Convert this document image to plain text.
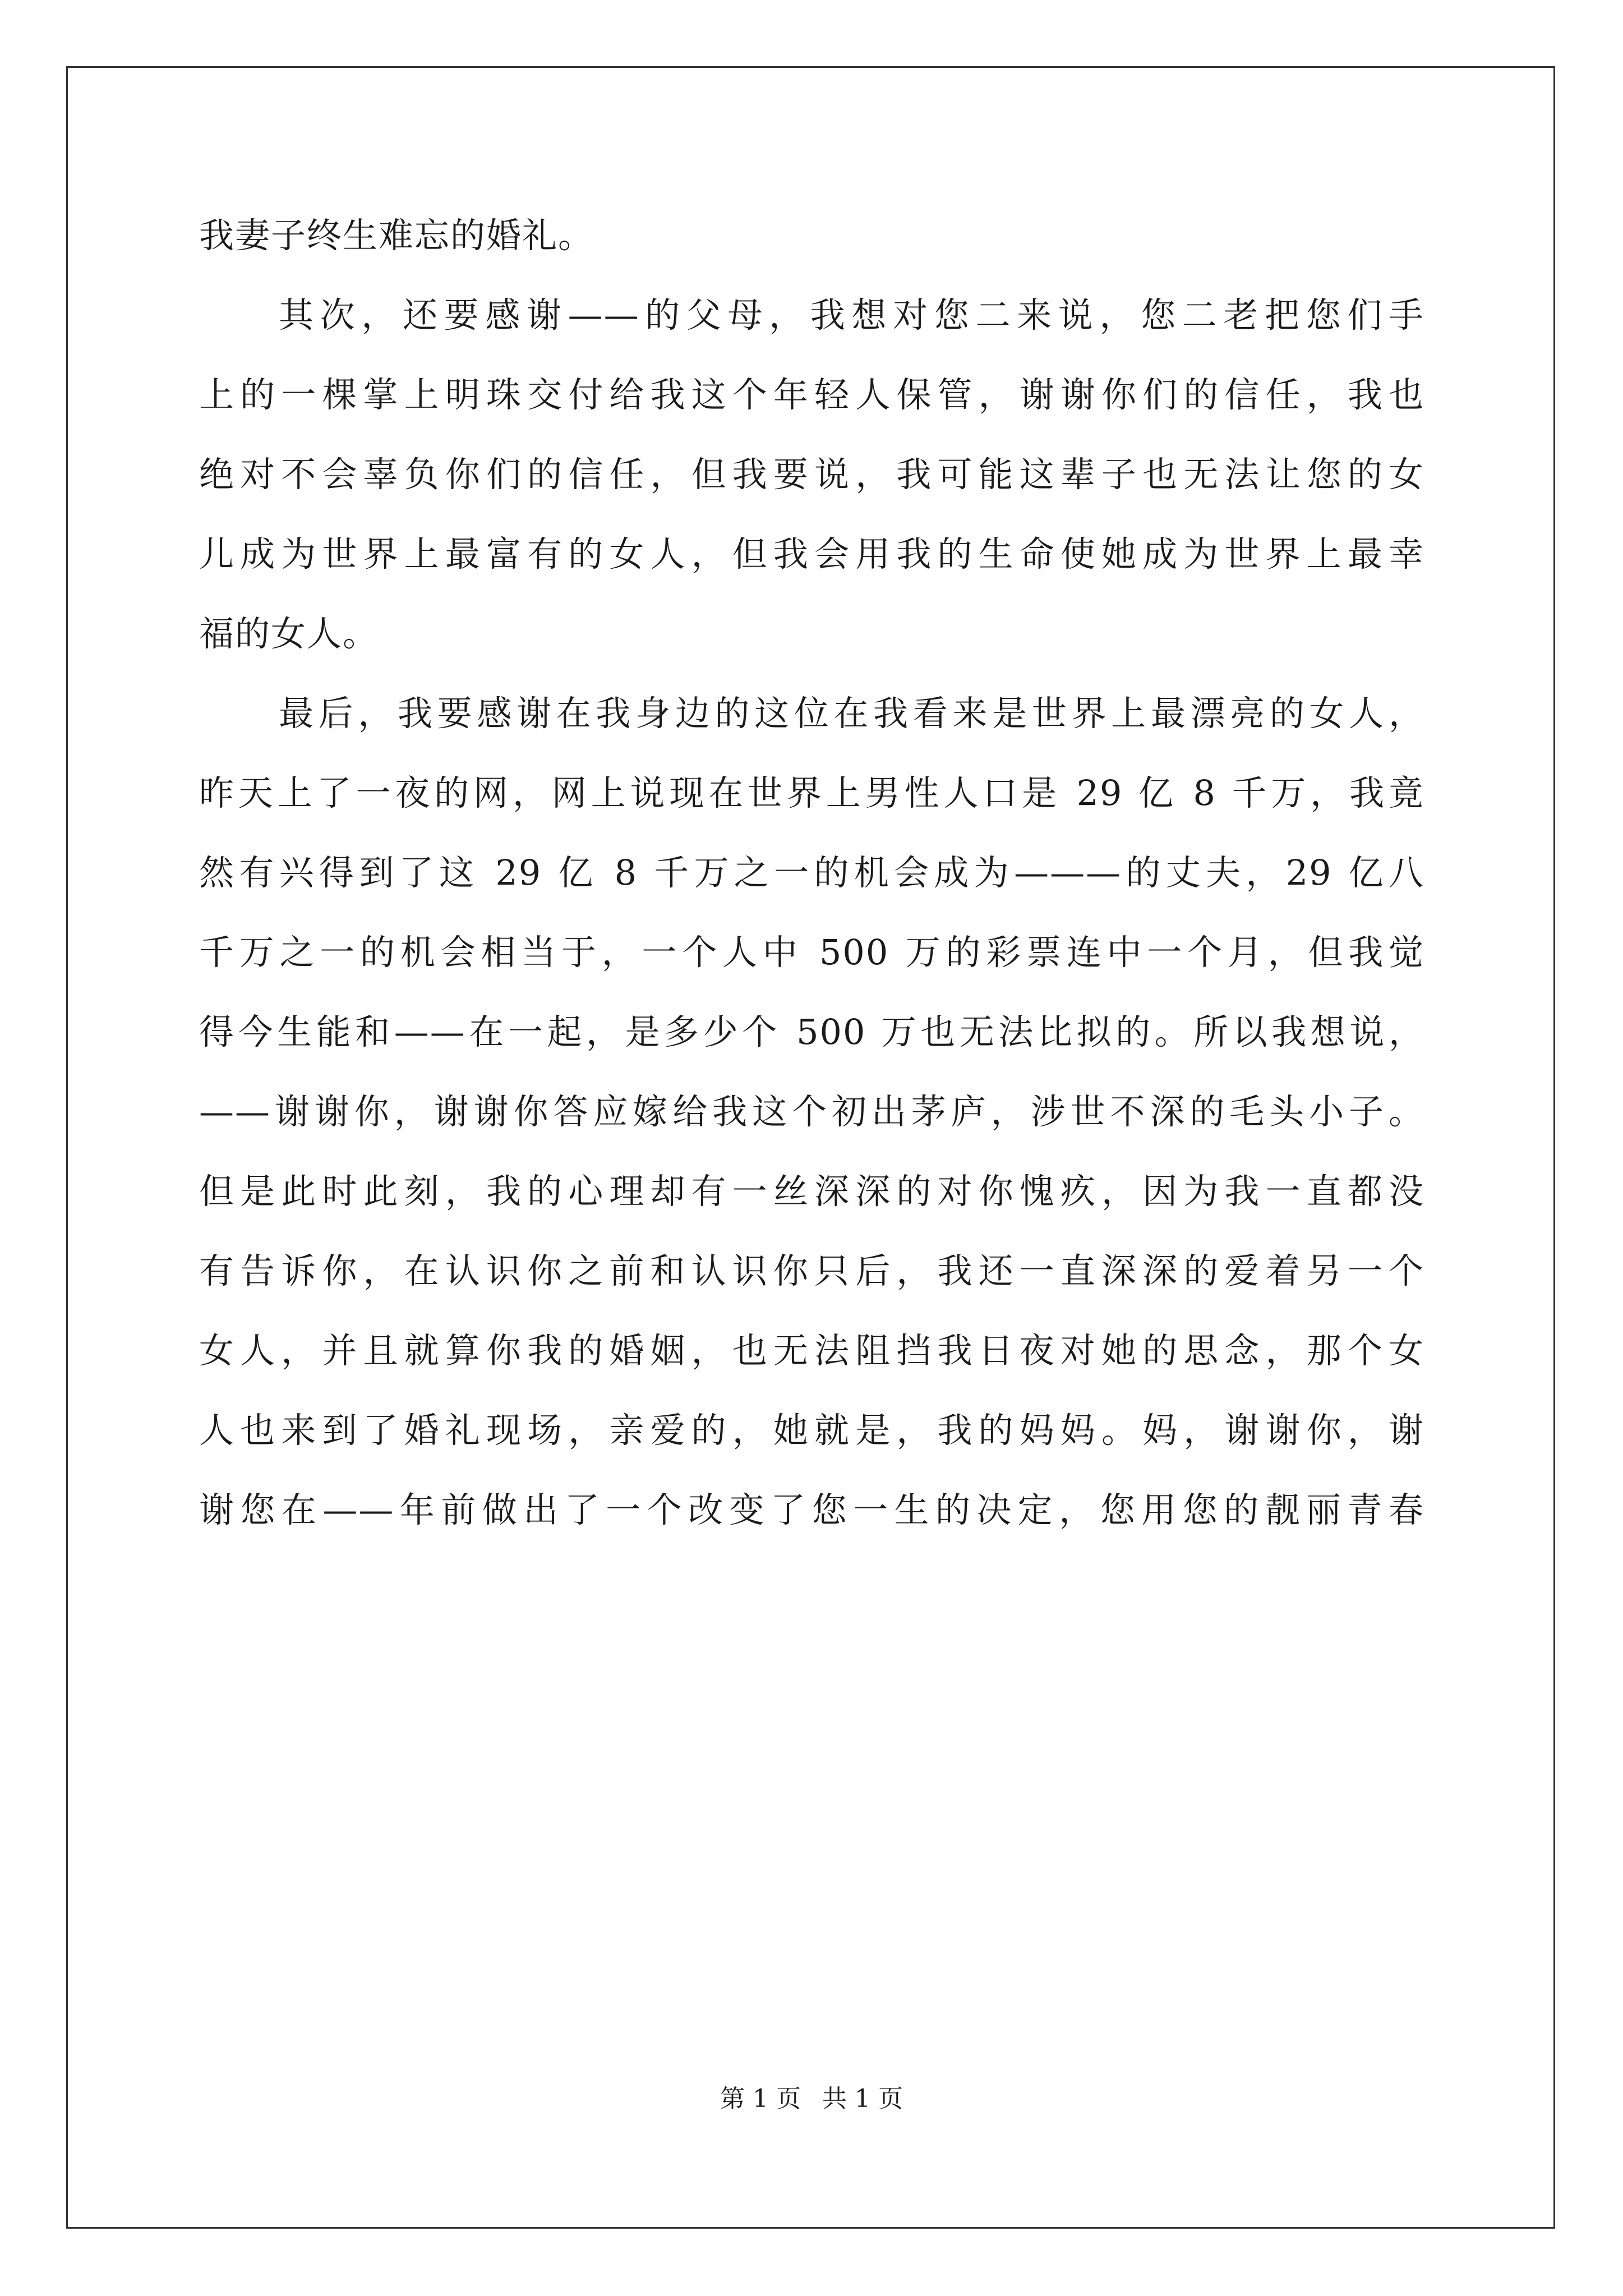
我妻子终生难忘的婚礼。
其次，还要感谢——的父母，我想对您二来说，您二老把您们手
上的一棵掌上明珠交付给我这个年轻人保管，谢谢你们的信任，我也
绝对不会辜负你们的信任，但我要说，我可能这辈子也无法让您的女
儿成为世界上最富有的女人，但我会用我的生命使她成为世界上最幸
福的女人。
最后，我要感谢在我身边的这位在我看来是世界上最漂亮的女人，
昨天上了一夜的网，网上说现在世界上男性人口是 29 亿 8 千万，我竟
然有兴得到了这 29 亿 8 千万之一的机会成为———的丈夫，29 亿八
千万之一的机会相当于，一个人中 500 万的彩票连中一个月，但我觉
得今生能和——在一起，是多少个 500 万也无法比拟的。所以我想说，
——谢谢你，谢谢你答应嫁给我这个初出茅庐，涉世不深的毛头小子。
但是此时此刻，我的心理却有一丝深深的对你愧疚，因为我一直都没
有告诉你，在认识你之前和认识你只后，我还一直深深的爱着另一个
女人，并且就算你我的婚姻，也无法阻挡我日夜对她的思念，那个女
人也来到了婚礼现场，亲爱的，她就是，我的妈妈。妈，谢谢你，谢
谢您在——年前做出了一个改变了您一生的决定，您用您的靓丽青春
第 1 页 共 1 页
